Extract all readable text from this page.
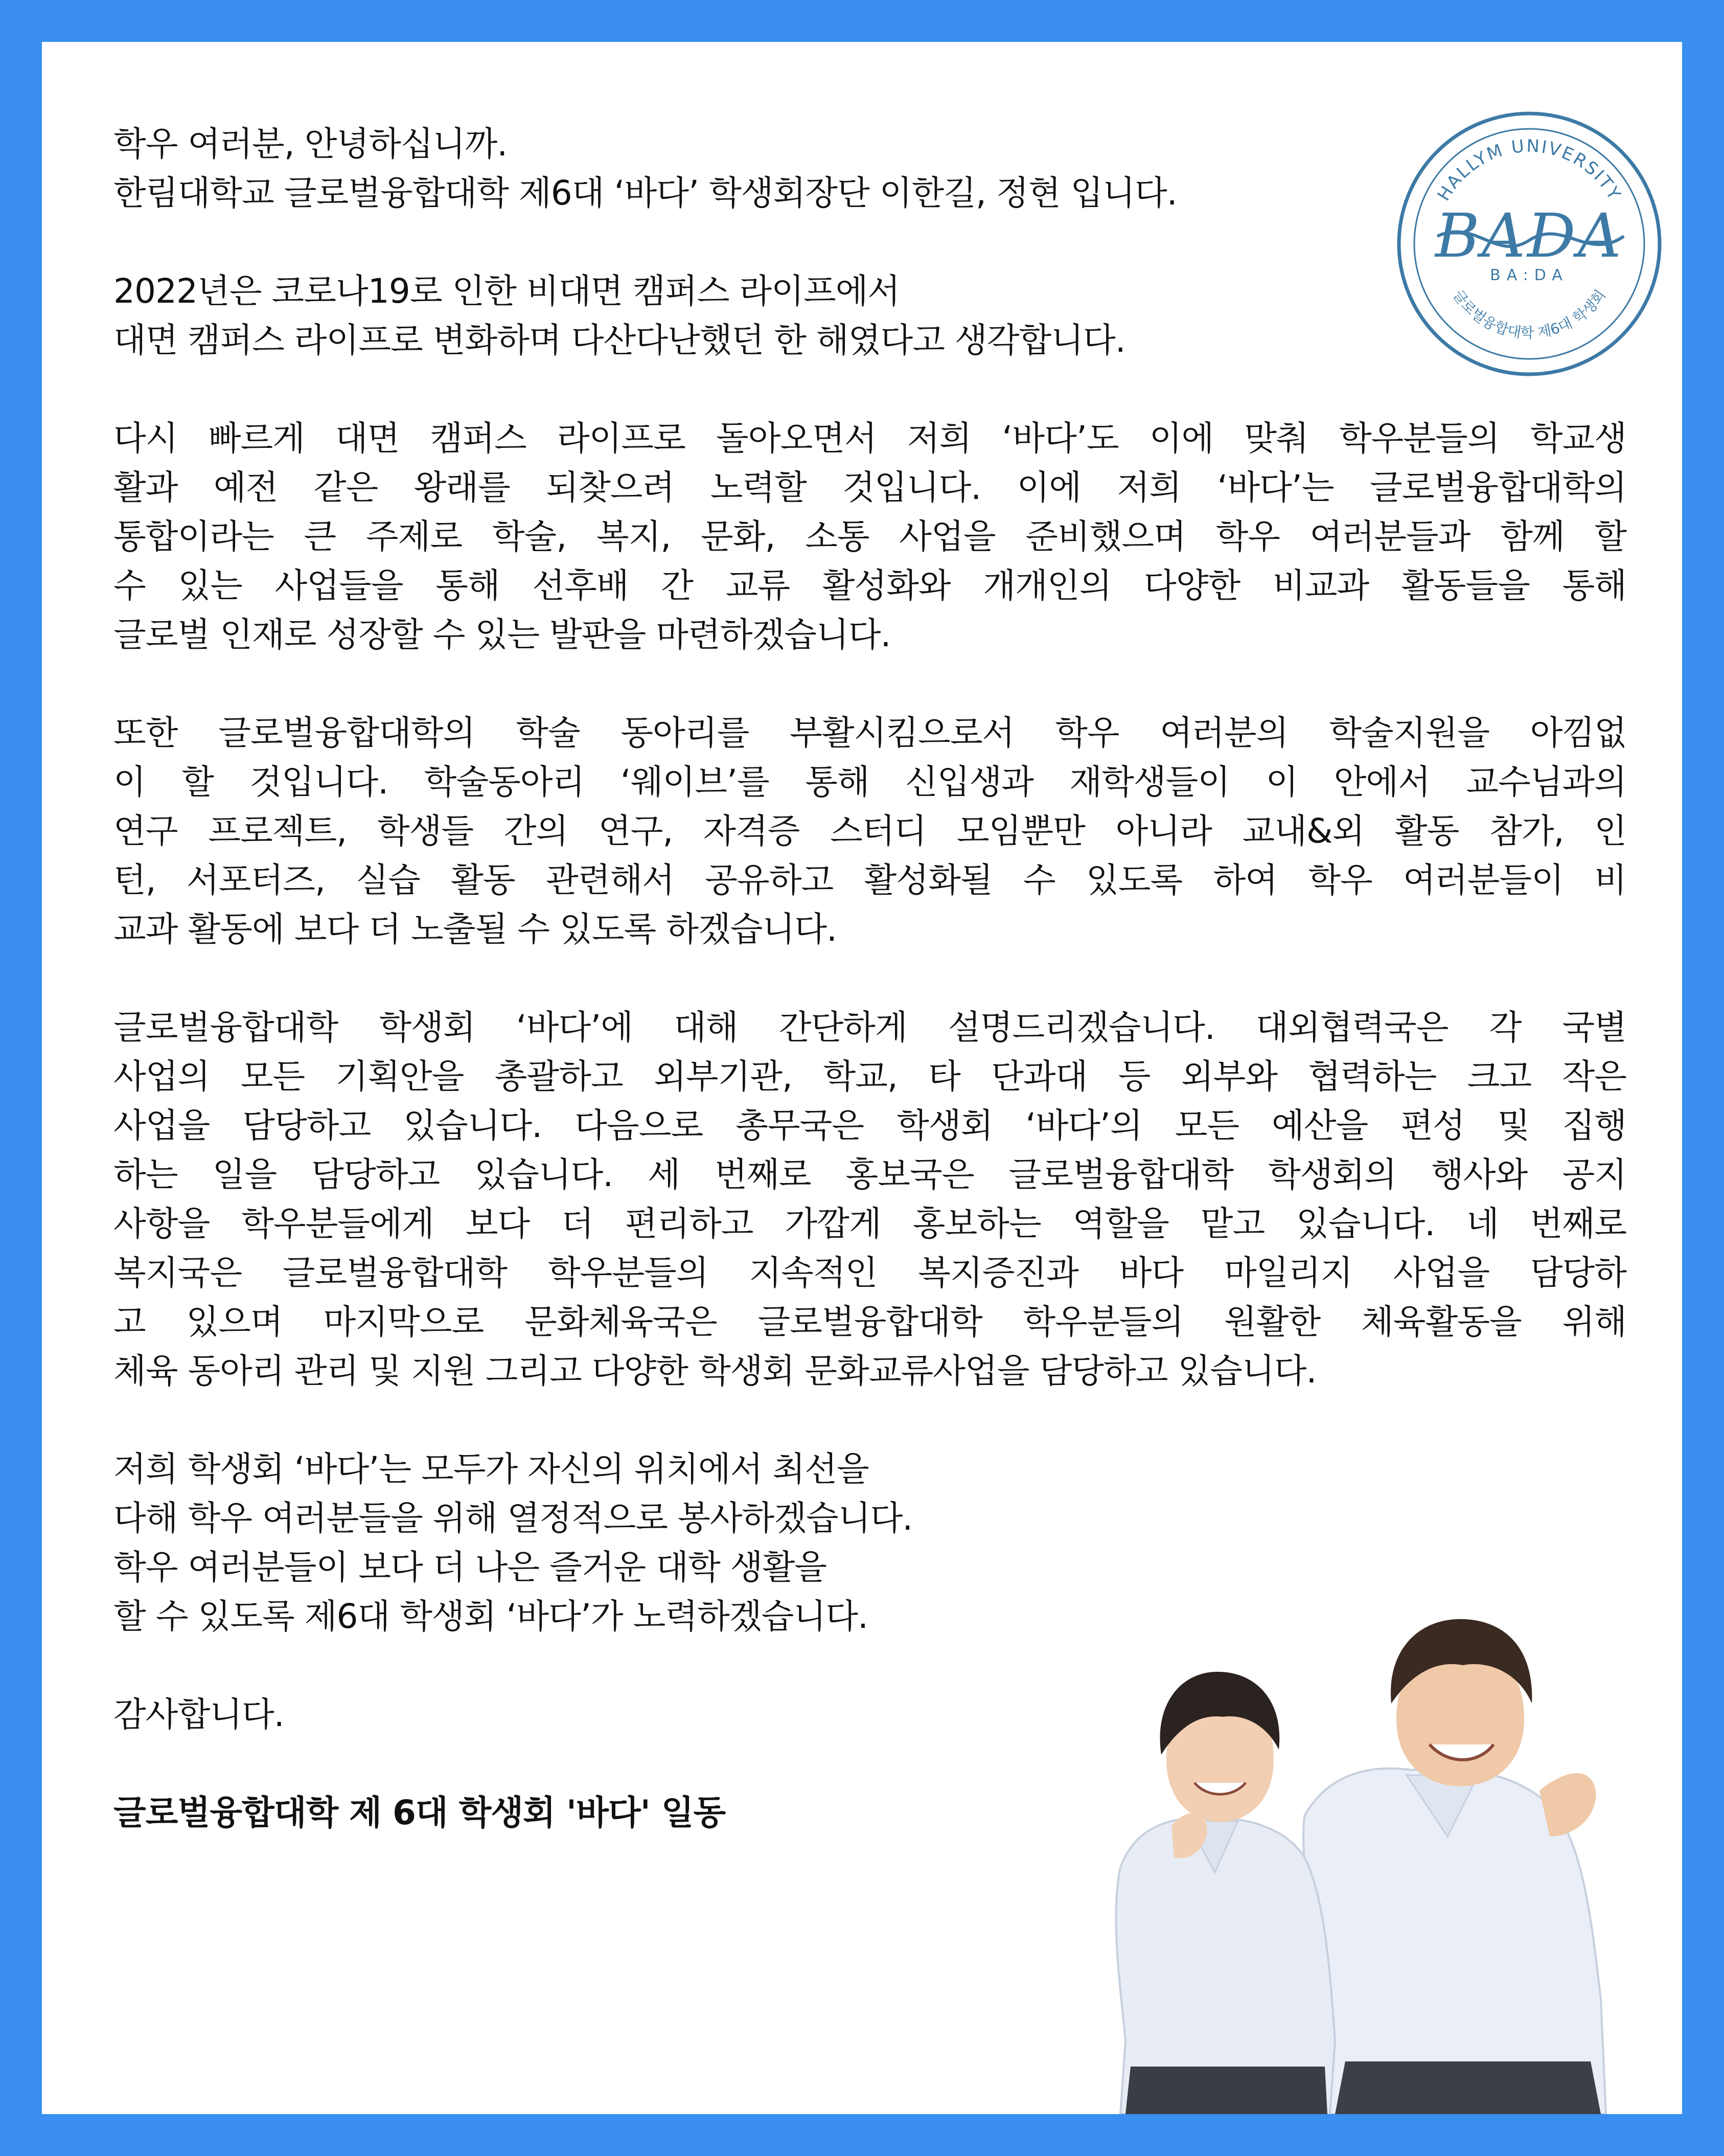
HALLYM UNIVERSITY
BADA
BA:DA
글로벌융합대학 제6대 학생회
학우 여러분, 안녕하십니까.
한림대학교 글로벌융합대학 제6대 ‘바다’ 학생회장단 이한길, 정현 입니다.
2022년은 코로나19로 인한 비대면 캠퍼스 라이프에서
대면 캠퍼스 라이프로 변화하며 다산다난했던 한 해였다고 생각합니다.
다시 빠르게 대면 캠퍼스 라이프로 돌아오면서 저희 ‘바다’도 이에 맞춰 학우분들의 학교생
활과 예전 같은 왕래를 되찾으려 노력할 것입니다. 이에 저희 ‘바다’는 글로벌융합대학의
통합이라는 큰 주제로 학술, 복지, 문화, 소통 사업을 준비했으며 학우 여러분들과 함께 할
수 있는 사업들을 통해 선후배 간 교류 활성화와 개개인의 다양한 비교과 활동들을 통해
글로벌 인재로 성장할 수 있는 발판을 마련하겠습니다.
또한 글로벌융합대학의 학술 동아리를 부활시킴으로서 학우 여러분의 학술지원을 아낌없
이 할 것입니다. 학술동아리 ‘웨이브’를 통해 신입생과 재학생들이 이 안에서 교수님과의
연구 프로젝트, 학생들 간의 연구, 자격증 스터디 모임뿐만 아니라 교내&외 활동 참가, 인
턴, 서포터즈, 실습 활동 관련해서 공유하고 활성화될 수 있도록 하여 학우 여러분들이 비
교과 활동에 보다 더 노출될 수 있도록 하겠습니다.
글로벌융합대학 학생회 ‘바다’에 대해 간단하게 설명드리겠습니다. 대외협력국은 각 국별
사업의 모든 기획안을 총괄하고 외부기관, 학교, 타 단과대 등 외부와 협력하는 크고 작은
사업을 담당하고 있습니다. 다음으로 총무국은 학생회 ‘바다’의 모든 예산을 편성 및 집행
하는 일을 담당하고 있습니다. 세 번째로 홍보국은 글로벌융합대학 학생회의 행사와 공지
사항을 학우분들에게 보다 더 편리하고 가깝게 홍보하는 역할을 맡고 있습니다. 네 번째로
복지국은 글로벌융합대학 학우분들의 지속적인 복지증진과 바다 마일리지 사업을 담당하
고 있으며 마지막으로 문화체육국은 글로벌융합대학 학우분들의 원활한 체육활동을 위해
체육 동아리 관리 및 지원 그리고 다양한 학생회 문화교류사업을 담당하고 있습니다.
저희 학생회 ‘바다’는 모두가 자신의 위치에서 최선을
다해 학우 여러분들을 위해 열정적으로 봉사하겠습니다.
학우 여러분들이 보다 더 나은 즐거운 대학 생활을
할 수 있도록 제6대 학생회 ‘바다’가 노력하겠습니다.
감사합니다.
글로벌융합대학 제 6대 학생회 '바다' 일동
